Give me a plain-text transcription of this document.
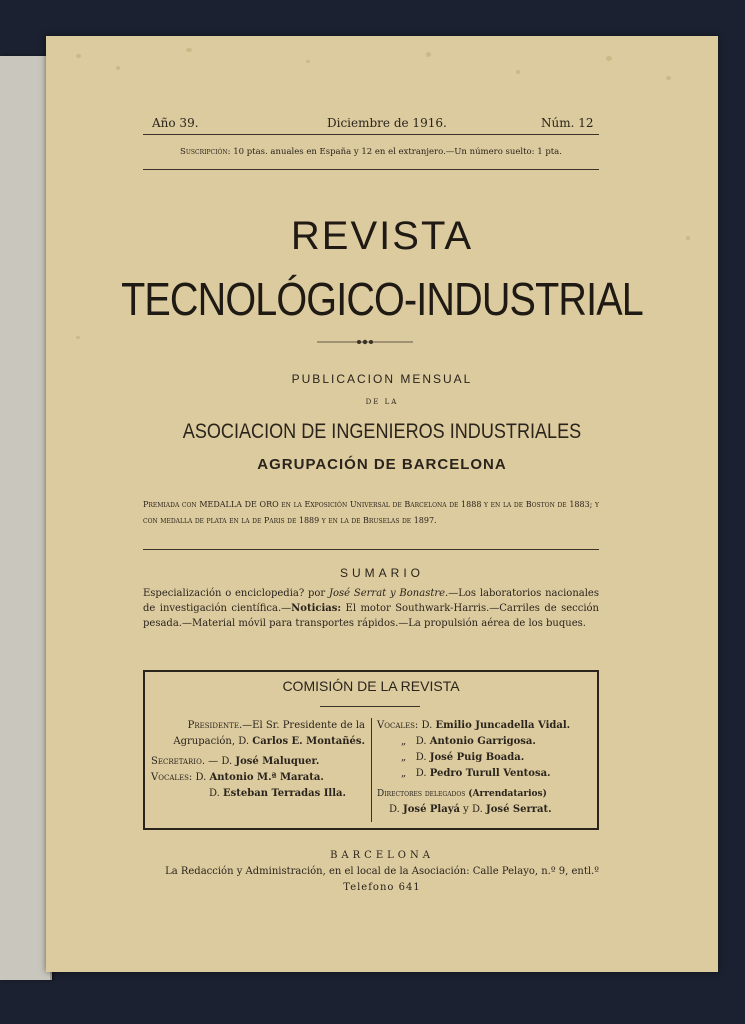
Año 39.	Diciembre de 1916.	Núm. 12
Suscripción: 10 ptas. anuales en España y 12 en el extranjero.—Un número suelto: 1 pta.
REVISTA
TECNOLÓGICO-INDUSTRIAL
PUBLICACION MENSUAL
DE LA
ASOCIACION DE INGENIEROS INDUSTRIALES
AGRUPACIÓN DE BARCELONA
Premiada con MEDALLA DE ORO en la Exposición Universal de Barcelona de 1888 y en la de Boston de 1883; y con medalla de plata en la de Paris de 1889 y en la de Bruselas de 1897.
SUMARIO
Especialización o enciclopedia? por José Serrat y Bonastre.—Los laboratorios nacionales de investigación científica.—Noticias: El motor Southwark-Harris.—Carriles de sección pesada.—Material móvil para transportes rápidos.—La propulsión aérea de los buques.
COMISIÓN DE LA REVISTA
Presidente.—El Sr. Presidente de la Agrupación, D. Carlos E. Montañés.
Secretario. — D. José Maluquer.
Vocales: D. Antonio M.ª Marata.
D. Esteban Terradas Illa.
Vocales: D. Emilio Juncadella Vidal.
„   D. Antonio Garrigosa.
„   D. José Puig Boada.
„   D. Pedro Turull Ventosa.
Directores delegados (Arrendatarios)
D. José Playá y D. José Serrat.
BARCELONA
La Redacción y Administración, en el local de la Asociación: Calle Pelayo, n.º 9, entl.º
Telefono 641
